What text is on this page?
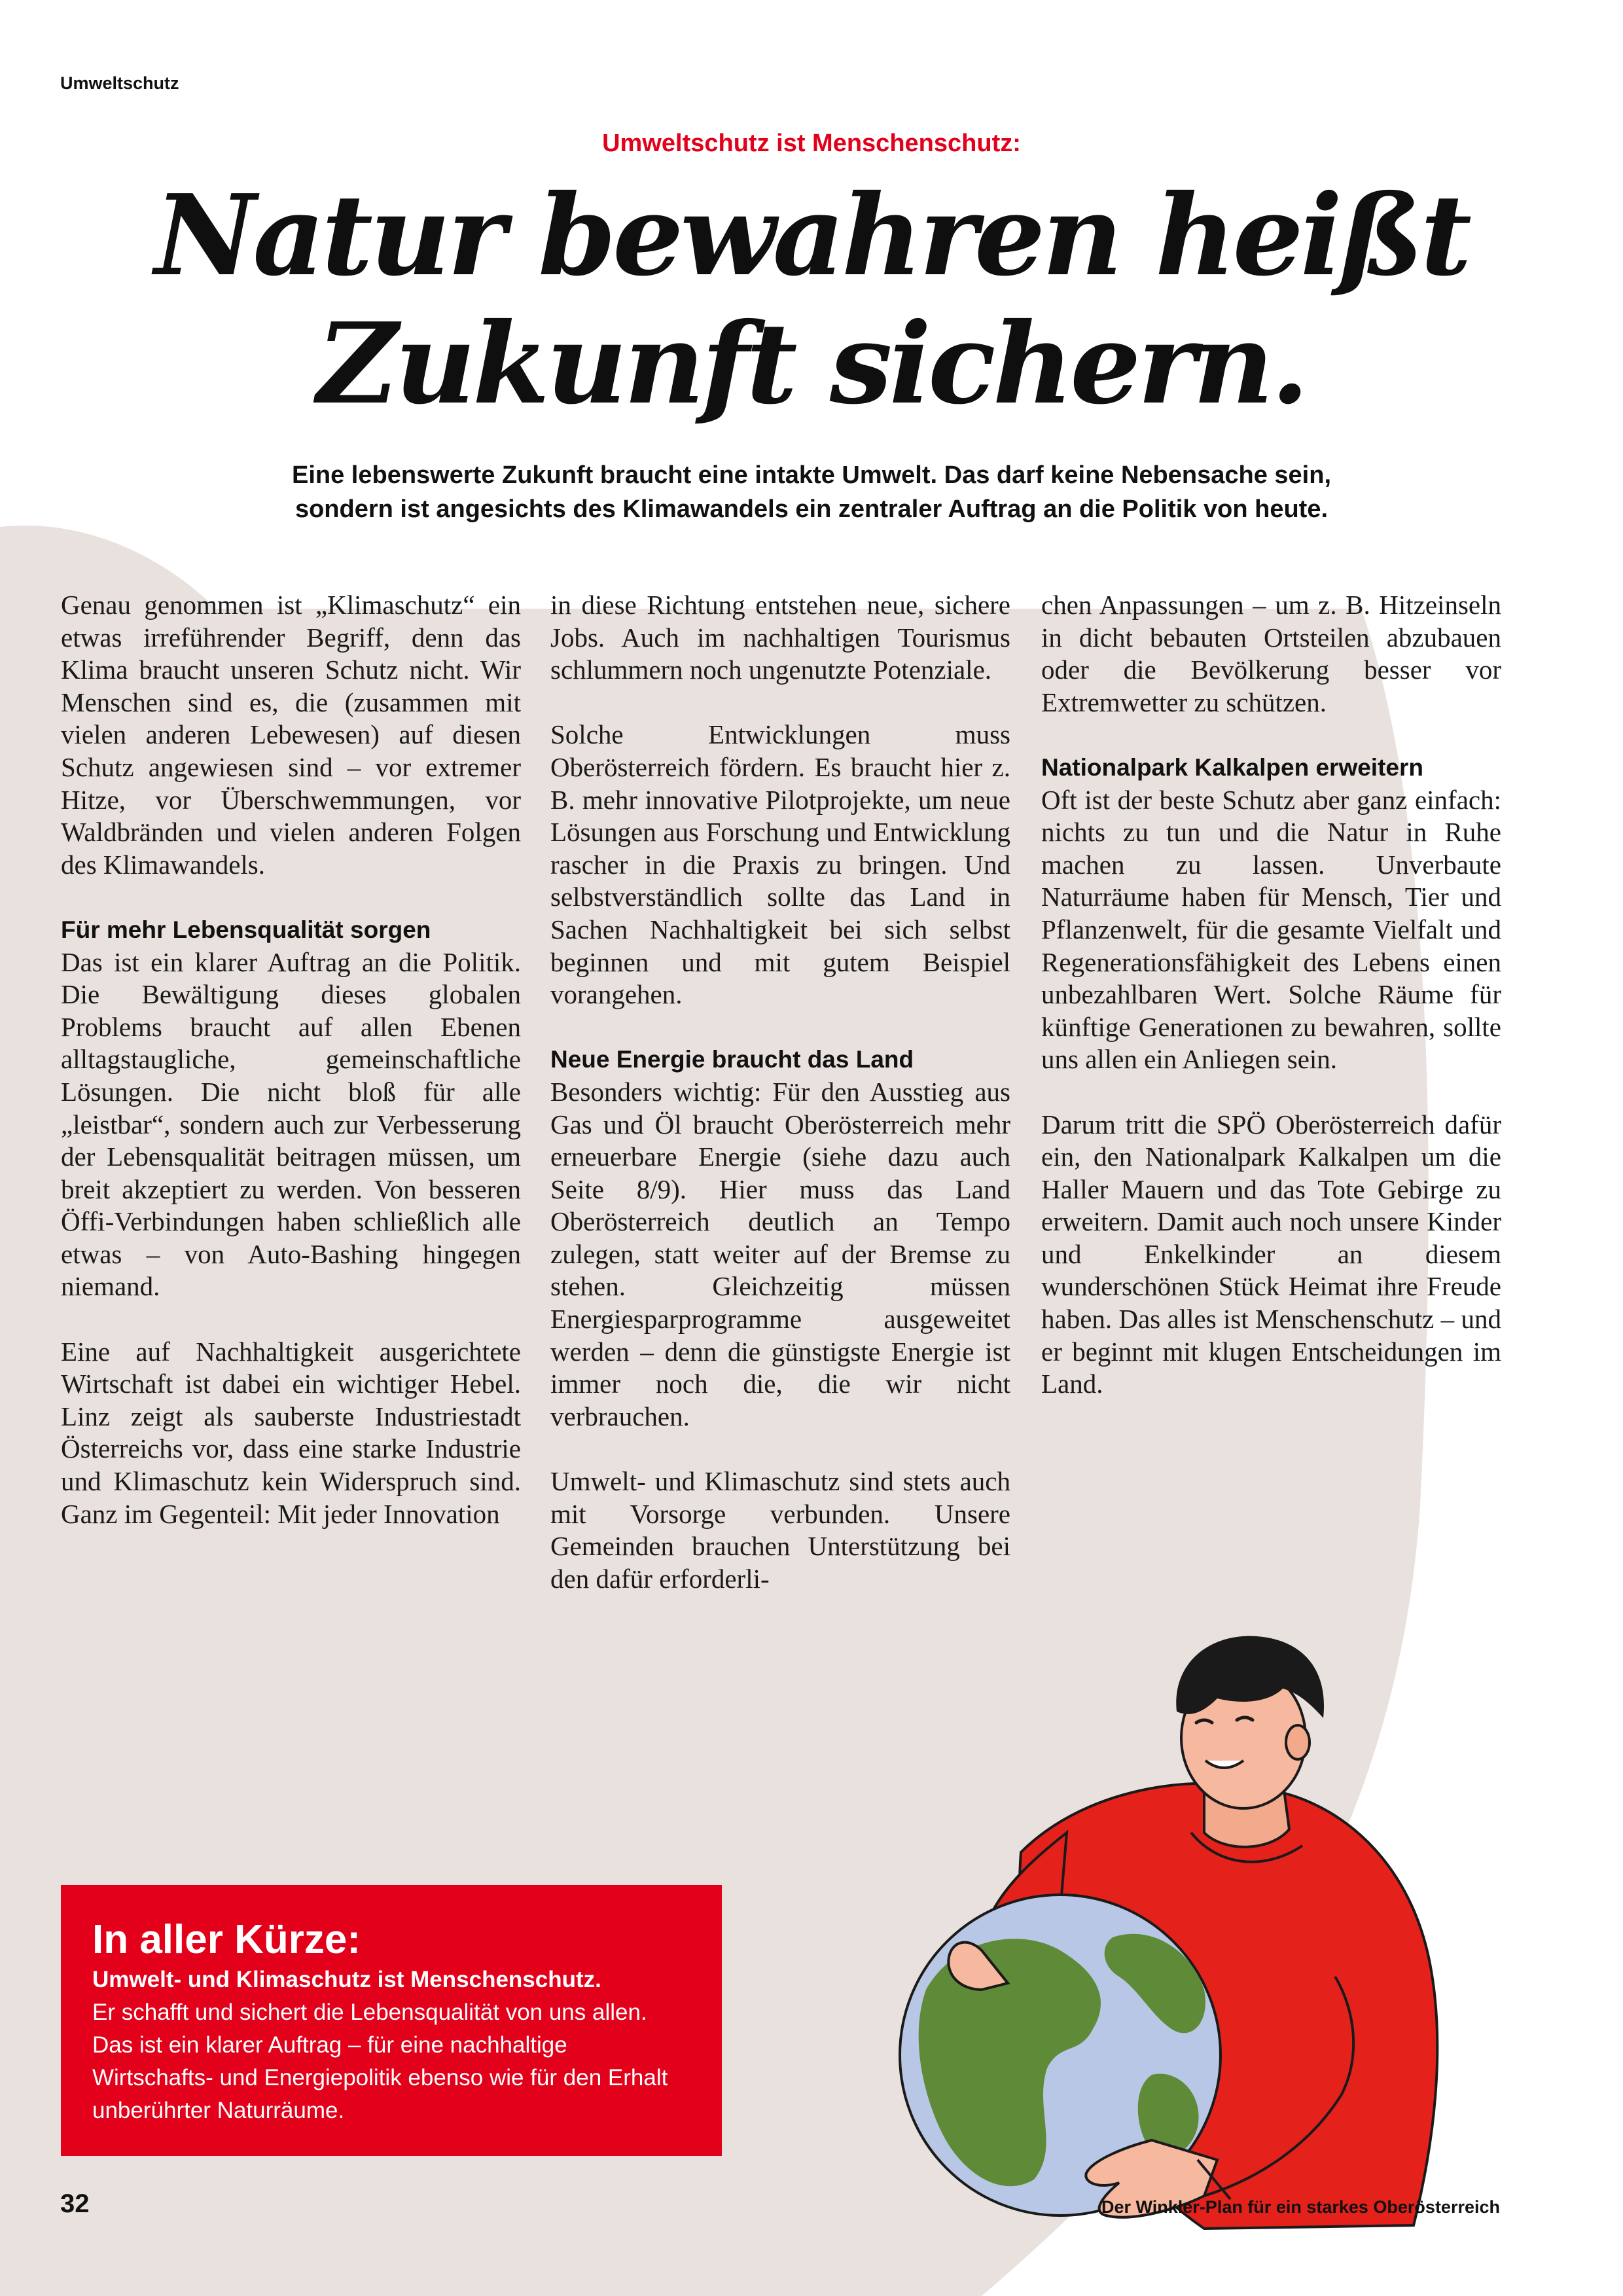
Umweltschutz
Umweltschutz ist Menschenschutz:
Natur bewahren heißt
Zukunft sichern.
Eine lebenswerte Zukunft braucht eine intakte Umwelt. Das darf keine Nebensache sein,
sondern ist angesichts des Klimawandels ein zentraler Auftrag an die Politik von heute.

Genau genommen ist „Klimaschutz“ ein etwas irreführender Begriff, denn das Klima braucht unseren Schutz nicht. Wir Menschen sind es, die (zusammen mit vielen anderen Lebewesen) auf diesen Schutz angewiesen sind – vor extremer Hitze, vor Überschwemmungen, vor Waldbränden und vielen anderen Folgen des Klimawandels.

Für mehr Lebensqualität sorgen

Das ist ein klarer Auftrag an die Politik. Die Bewältigung dieses globalen Problems braucht auf allen Ebenen alltagstaugliche, gemeinschaftliche Lösungen. Die nicht bloß für alle „leistbar“, sondern auch zur Verbesserung der Lebensqualität beitragen müssen, um breit akzeptiert zu werden. Von besseren Öffi-Verbindungen haben schließlich alle etwas – von Auto-Bashing hingegen niemand.

Eine auf Nachhaltigkeit ausgerichtete Wirtschaft ist dabei ein wichtiger Hebel. Linz zeigt als sauberste Industriestadt Österreichs vor, dass eine starke Industrie und Klimaschutz kein Widerspruch sind. Ganz im Gegenteil: Mit jeder Innovation

in diese Richtung entstehen neue, sichere Jobs. Auch im nachhaltigen Tourismus schlummern noch ungenutzte Potenziale.

Solche Entwicklungen muss Oberösterreich fördern. Es braucht hier z. B. mehr innovative Pilotprojekte, um neue Lösungen aus Forschung und Entwicklung rascher in die Praxis zu bringen. Und selbstverständlich sollte das Land in Sachen Nachhaltigkeit bei sich selbst beginnen und mit gutem Beispiel vorangehen.

Neue Energie braucht das Land

Besonders wichtig: Für den Ausstieg aus Gas und Öl braucht Oberösterreich mehr erneuerbare Energie (siehe dazu auch Seite 8/9). Hier muss das Land Oberösterreich deutlich an Tempo zulegen, statt weiter auf der Bremse zu stehen. Gleichzeitig müssen Energiesparprogramme ausgeweitet werden – denn die günstigste Energie ist immer noch die, die wir nicht verbrauchen.

Umwelt- und Klimaschutz sind stets auch mit Vorsorge verbunden. Unsere Gemeinden brauchen Unterstützung bei den dafür erforderli-

chen Anpassungen – um z. B. Hitzeinseln in dicht bebauten Ortsteilen abzubauen oder die Bevölkerung besser vor Extremwetter zu schützen.

Nationalpark Kalkalpen erweitern

Oft ist der beste Schutz aber ganz einfach: nichts zu tun und die Natur in Ruhe machen zu lassen. Unverbaute Naturräume haben für Mensch, Tier und Pflanzenwelt, für die gesamte Vielfalt und Regenerationsfähigkeit des Lebens einen unbezahlbaren Wert. Solche Räume für künftige Generationen zu bewahren, sollte uns allen ein Anliegen sein.

Darum tritt die SPÖ Oberösterreich dafür ein, den Nationalpark Kalkalpen um die Haller Mauern und das Tote Gebirge zu erweitern. Damit auch noch unsere Kinder und Enkelkinder an diesem wunderschönen Stück Heimat ihre Freude haben. Das alles ist Menschenschutz – und er beginnt mit klugen Entscheidungen im Land.

In aller Kürze:
Umwelt- und Klimaschutz ist Menschenschutz.
Er schafft und sichert die Lebensqualität von uns allen. Das ist ein klarer Auftrag – für eine nachhaltige Wirtschafts- und Energiepolitik ebenso wie für den Erhalt unberührter Naturräume.
32	Der Winkler-Plan für ein starkes Oberösterreich
